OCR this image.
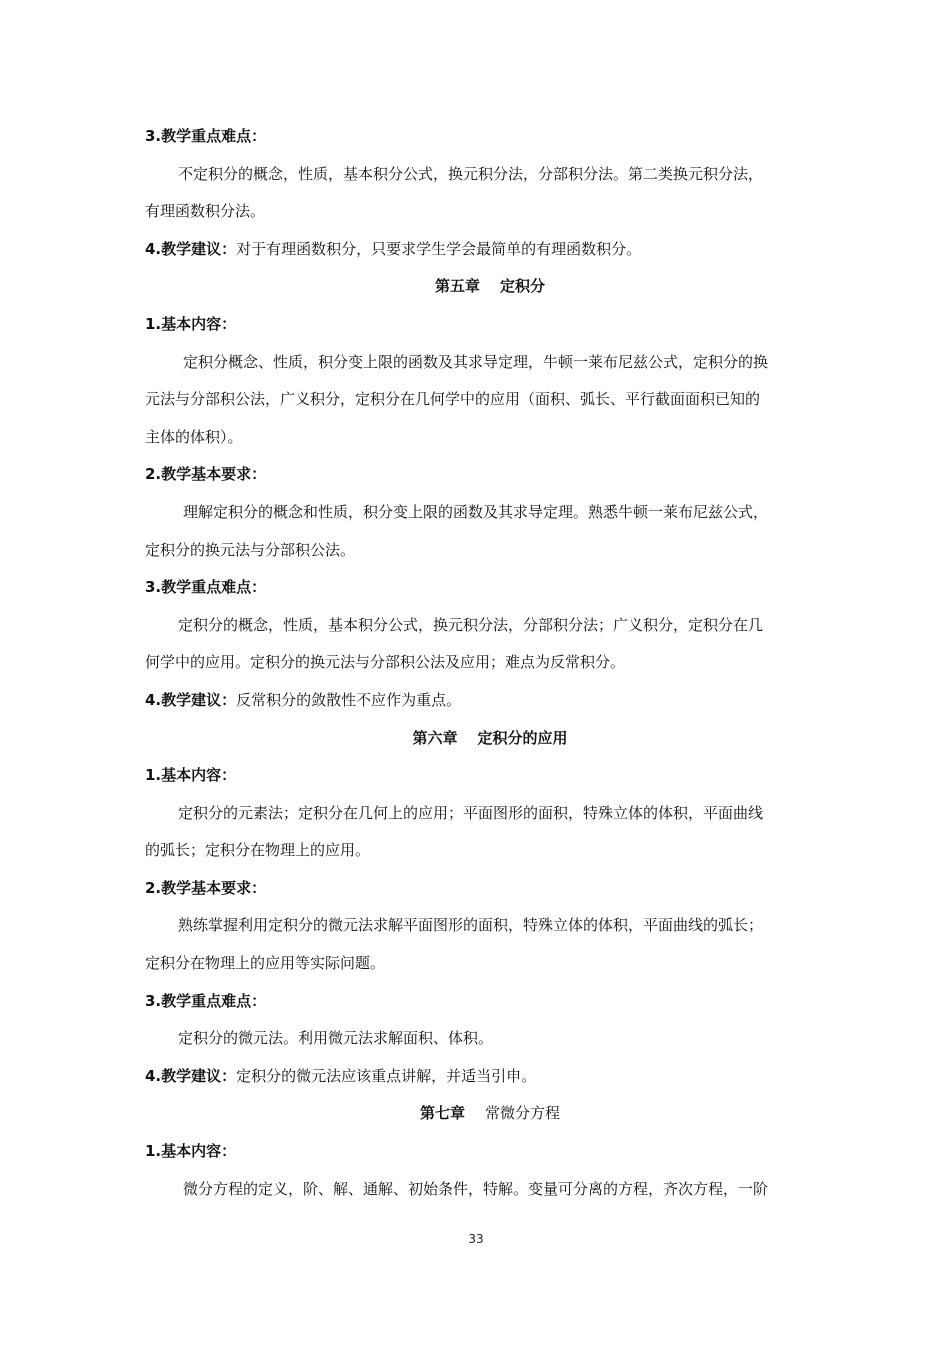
3.教学重点难点：
不定积分的概念，性质，基本积分公式，换元积分法，分部积分法。第二类换元积分法，
有理函数积分法。
4.教学建议：对于有理函数积分，只要求学生学会最简单的有理函数积分。
第五章 定积分
1.基本内容：
定积分概念、性质，积分变上限的函数及其求导定理，牛顿一莱布尼兹公式，定积分的换
元法与分部积公法，广义积分，定积分在几何学中的应用（面积、弧长、平行截面面积已知的
主体的体积）。
2.教学基本要求：
理解定积分的概念和性质，积分变上限的函数及其求导定理。熟悉牛顿一莱布尼兹公式，
定积分的换元法与分部积公法。
3.教学重点难点：
定积分的概念，性质，基本积分公式，换元积分法，分部积分法；广义积分，定积分在几
何学中的应用。定积分的换元法与分部积公法及应用；难点为反常积分。
4.教学建议：反常积分的敛散性不应作为重点。
第六章 定积分的应用
1.基本内容：
定积分的元素法；定积分在几何上的应用；平面图形的面积，特殊立体的体积，平面曲线
的弧长；定积分在物理上的应用。
2.教学基本要求：
熟练掌握利用定积分的微元法求解平面图形的面积，特殊立体的体积，平面曲线的弧长；
定积分在物理上的应用等实际问题。
3.教学重点难点：
定积分的微元法。利用微元法求解面积、体积。
4.教学建议：定积分的微元法应该重点讲解，并适当引申。
第七章 常微分方程
1.基本内容：
微分方程的定义，阶、解、通解、初始条件，特解。变量可分离的方程，齐次方程，一阶
33
